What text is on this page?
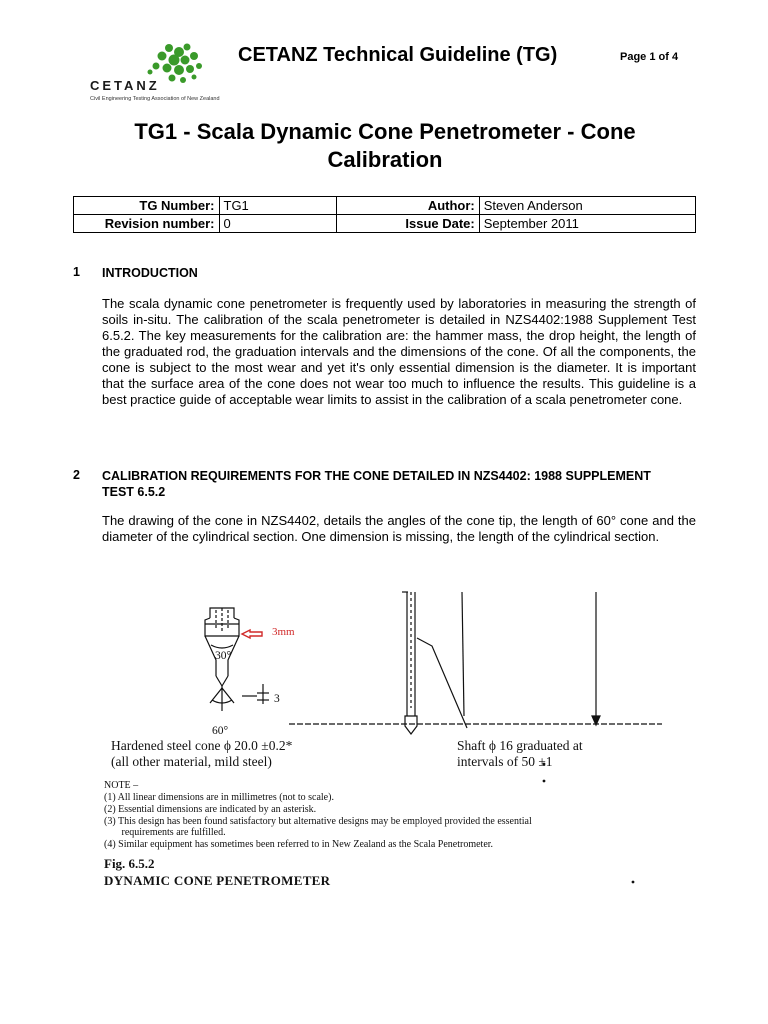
CETANZ
Civil Engineering Testing Association of New Zealand
CETANZ Technical Guideline (TG)	Page 1 of 4
TG1 - Scala Dynamic Cone Penetrometer - Cone Calibration
TG Number:	TG1	Author:	Steven Anderson
Revision number:	0	Issue Date:	September 2011
1 INTRODUCTION
The scala dynamic cone penetrometer is frequently used by laboratories in measuring the strength of soils in-situ. The calibration of the scala penetrometer is detailed in NZS4402:1988 Supplement Test 6.5.2. The key measurements for the calibration are: the hammer mass, the drop height, the length of the graduated rod, the graduation intervals and the dimensions of the cone. Of all the components, the cone is subject to the most wear and yet it's only essential dimension is the diameter. It is important that the surface area of the cone does not wear too much to influence the results. This guideline is a best practice guide of acceptable wear limits to assist in the calibration of a scala penetrometer cone.
2 CALIBRATION REQUIREMENTS FOR THE CONE DETAILED IN NZS4402: 1988 SUPPLEMENT TEST 6.5.2
The drawing of the cone in NZS4402, details the angles of the cone tip, the length of 60° cone and the diameter of the cylindrical section. One dimension is missing, the length of the cylindrical section.
3mm
30°
60°
3
Hardened steel cone ϕ 20.0 ±0.2*
(all other material, mild steel)
Shaft ϕ 16 graduated at
intervals of 50 ±1
NOTE –
(1) All linear dimensions are in millimetres (not to scale).
(2) Essential dimensions are indicated by an asterisk.
(3) This design has been found satisfactory but alternative designs may be employed provided the essential
requirements are fulfilled.
(4) Similar equipment has sometimes been referred to in New Zealand as the Scala Penetrometer.
Fig. 6.5.2
DYNAMIC CONE PENETROMETER
